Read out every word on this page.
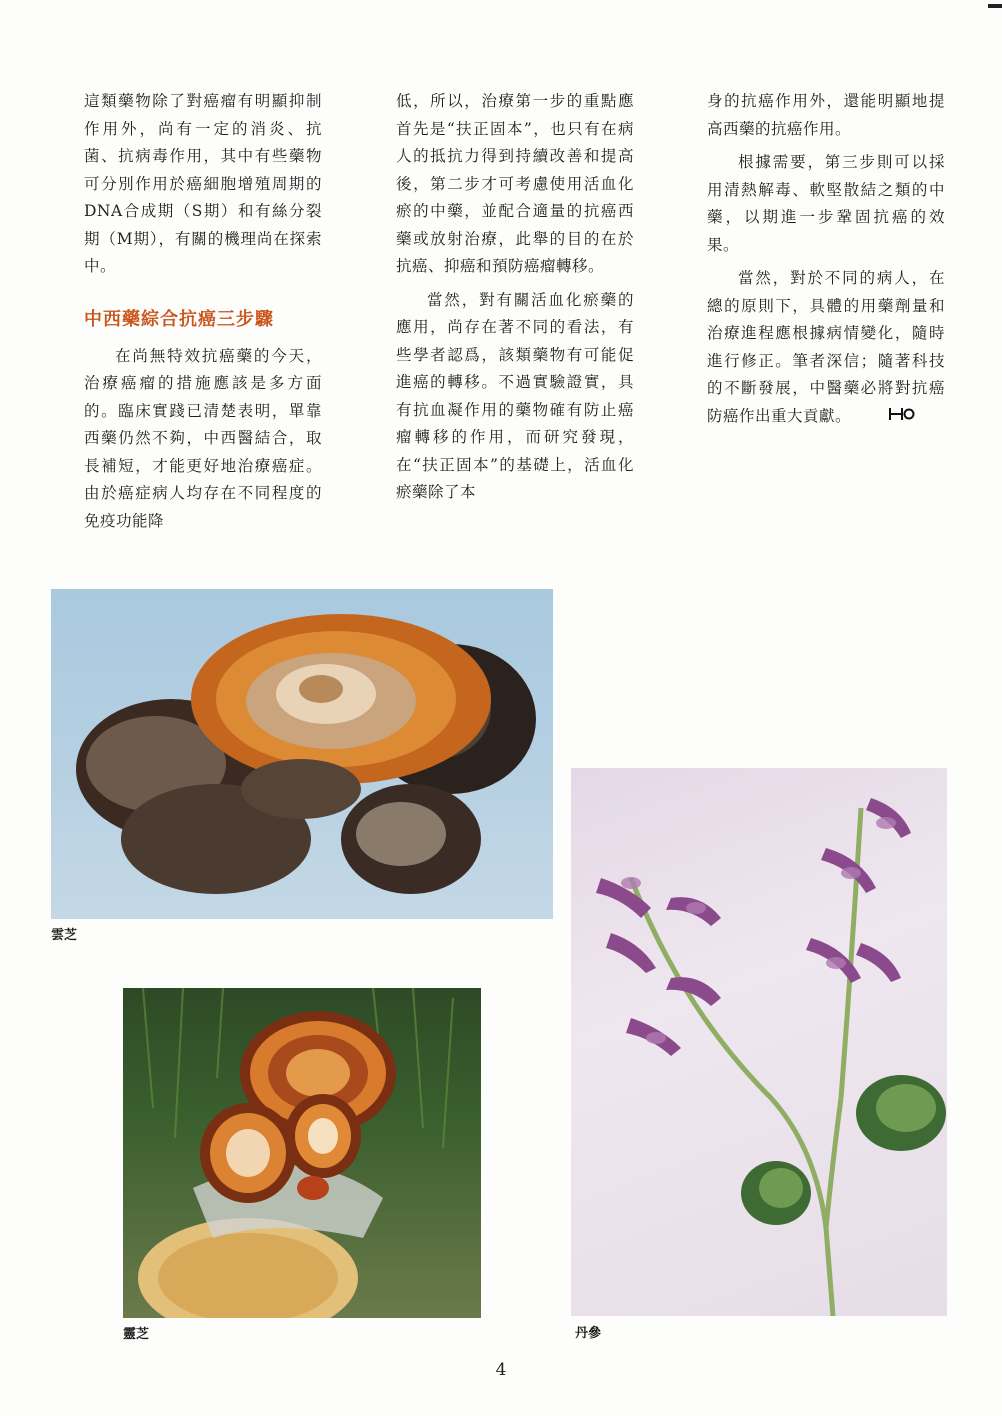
這類藥物除了對癌瘤有明顯抑制作用外，尚有一定的消炎、抗菌、抗病毒作用，其中有些藥物可分別作用於癌細胞增殖周期的DNA合成期（S期）和有絲分裂期（M期），有關的機理尚在探索中。

中西藥綜合抗癌三步驟

在尚無特效抗癌藥的今天，治療癌瘤的措施應該是多方面的。臨床實踐已清楚表明，單靠西藥仍然不夠，中西醫結合，取長補短，才能更好地治療癌症。由於癌症病人均存在不同程度的免疫功能降

低，所以，治療第一步的重點應首先是“扶正固本”，也只有在病人的抵抗力得到持續改善和提高後，第二步才可考慮使用活血化瘀的中藥，並配合適量的抗癌西藥或放射治療，此舉的目的在於抗癌、抑癌和預防癌瘤轉移。

當然，對有關活血化瘀藥的應用，尚存在著不同的看法，有些學者認爲，該類藥物有可能促進癌的轉移。不過實驗證實，具有抗血凝作用的藥物確有防止癌瘤轉移的作用，而研究發現，在“扶正固本”的基礎上，活血化瘀藥除了本

身的抗癌作用外，還能明顯地提高西藥的抗癌作用。

根據需要，第三步則可以採用清熱解毒、軟堅散結之類的中藥，以期進一步鞏固抗癌的效果。

當然，對於不同的病人，在總的原則下，具體的用藥劑量和治療進程應根據病情變化，隨時進行修正。筆者深信；隨著科技的不斷發展，中醫藥必將對抗癌防癌作出重大貢獻。

雲芝
靈芝	丹參
4
